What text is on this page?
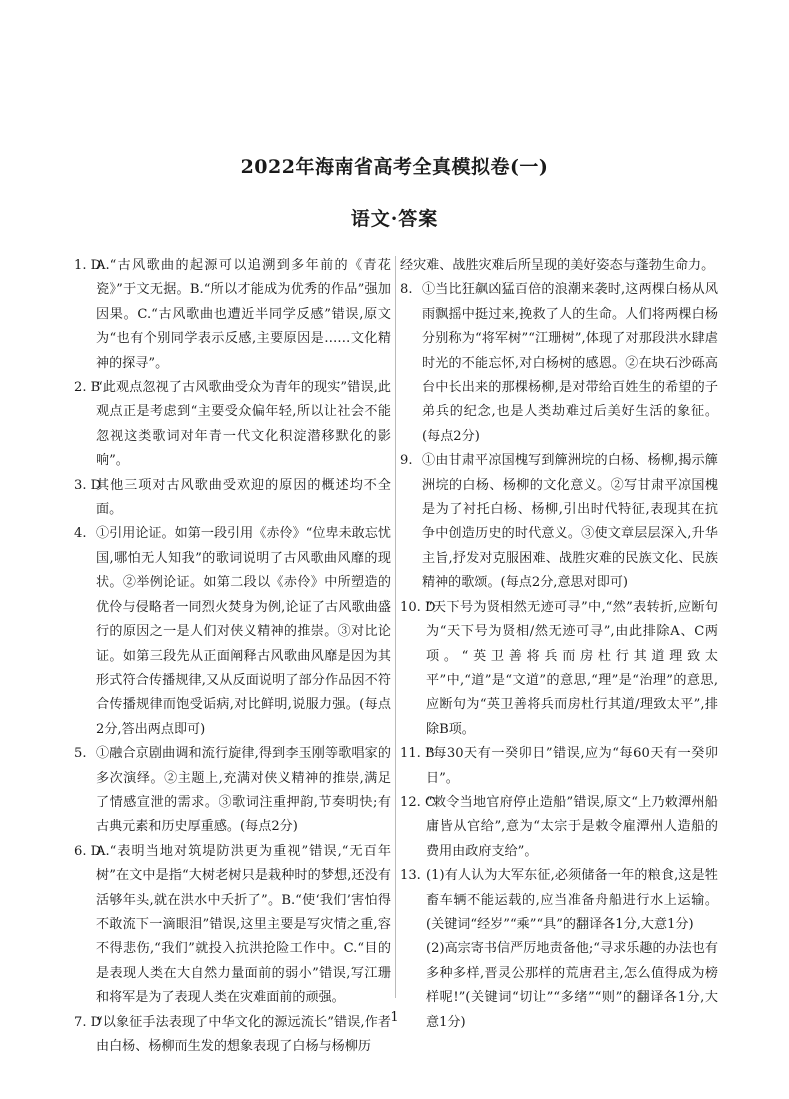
2022年海南省高考全真模拟卷(一)
语文·答案
1. D
A.“古风歌曲的起源可以追溯到多年前的《青花瓷》”于文无据。B.“所以才能成为优秀的作品”强加因果。C.“古风歌曲也遭近半同学反感”错误,原文为“也有个别同学表示反感,主要原因是……文化精神的探寻”。
2. B
“此观点忽视了古风歌曲受众为青年的现实”错误,此观点正是考虑到“主要受众偏年轻,所以让社会不能忽视这类歌词对年青一代文化积淀潜移默化的影响”。
3. D
其他三项对古风歌曲受欢迎的原因的概述均不全面。
4. ①引用论证。如第一段引用《赤伶》“位卑未敢忘忧国,哪怕无人知我”的歌词说明了古风歌曲风靡的现状。②举例论证。如第二段以《赤伶》中所塑造的优伶与侵略者一同烈火焚身为例,论证了古风歌曲盛行的原因之一是人们对侠义精神的推崇。③对比论证。如第三段先从正面阐释古风歌曲风靡是因为其形式符合传播规律,又从反面说明了部分作品因不符合传播规律而饱受诟病,对比鲜明,说服力强。(每点2分,答出两点即可)
5. ①融合京剧曲调和流行旋律,得到李玉刚等歌唱家的多次演绎。②主题上,充满对侠义精神的推崇,满足了情感宣泄的需求。③歌词注重押韵,节奏明快;有古典元素和历史厚重感。(每点2分)
6. D
A.“表明当地对筑堤防洪更为重视”错误,“无百年树”在文中是指“大树老树只是栽种时的梦想,还没有活够年头,就在洪水中夭折了”。B.“使‘我们’害怕得不敢流下一滴眼泪”错误,这里主要是写灾情之重,容不得悲伤,“我们”就投入抗洪抢险工作中。C.“目的是表现人类在大自然力量面前的弱小”错误,写江珊和将军是为了表现人类在灾难面前的顽强。
7. D
“以象征手法表现了中华文化的源远流长”错误,作者由白杨、杨柳而生发的想象表现了白杨与杨柳历
经灾难、战胜灾难后所呈现的美好姿态与蓬勃生命力。
8. ①当比狂飙凶猛百倍的浪潮来袭时,这两棵白杨从风雨飘摇中挺过来,挽救了人的生命。人们将两棵白杨分别称为“将军树”“江珊树”,体现了对那段洪水肆虐时光的不能忘怀,对白杨树的感恩。②在块石沙砾高台中长出来的那棵杨柳,是对带给百姓生的希望的子弟兵的纪念,也是人类劫难过后美好生活的象征。(每点2分)
9. ①由甘肃平凉国槐写到簰洲垸的白杨、杨柳,揭示簰洲垸的白杨、杨柳的文化意义。②写甘肃平凉国槐是为了衬托白杨、杨柳,引出时代特征,表现其在抗争中创造历史的时代意义。③使文章层层深入,升华主旨,抒发对克服困难、战胜灾难的民族文化、民族精神的歌颂。(每点2分,意思对即可)
10. D
“天下号为贤相然无迹可寻”中,“然”表转折,应断句为“天下号为贤相/然无迹可寻”,由此排除A、C两项。“英卫善将兵而房杜行其道理致太平”中,“道”是“文道”的意思,“理”是“治理”的意思,应断句为“英卫善将兵而房杜行其道/理致太平”,排除B项。
11. B
“每30天有一癸卯日”错误,应为“每60天有一癸卯日”。
12. C
“敕令当地官府停止造船”错误,原文“上乃敕潭州船庸皆从官给”,意为“太宗于是敕令雇潭州人造船的费用由政府支给”。
13. (1)有人认为大军东征,必须储备一年的粮食,这是牲畜车辆不能运载的,应当准备舟船进行水上运输。(关键词“经岁”“乘”“具”的翻译各1分,大意1分)
(2)高宗寄书信严厉地责备他;“寻求乐趣的办法也有多种多样,晋灵公那样的荒唐君主,怎么值得成为榜样呢!”(关键词“切让”“多绪”“则”的翻译各1分,大意1分)
1
